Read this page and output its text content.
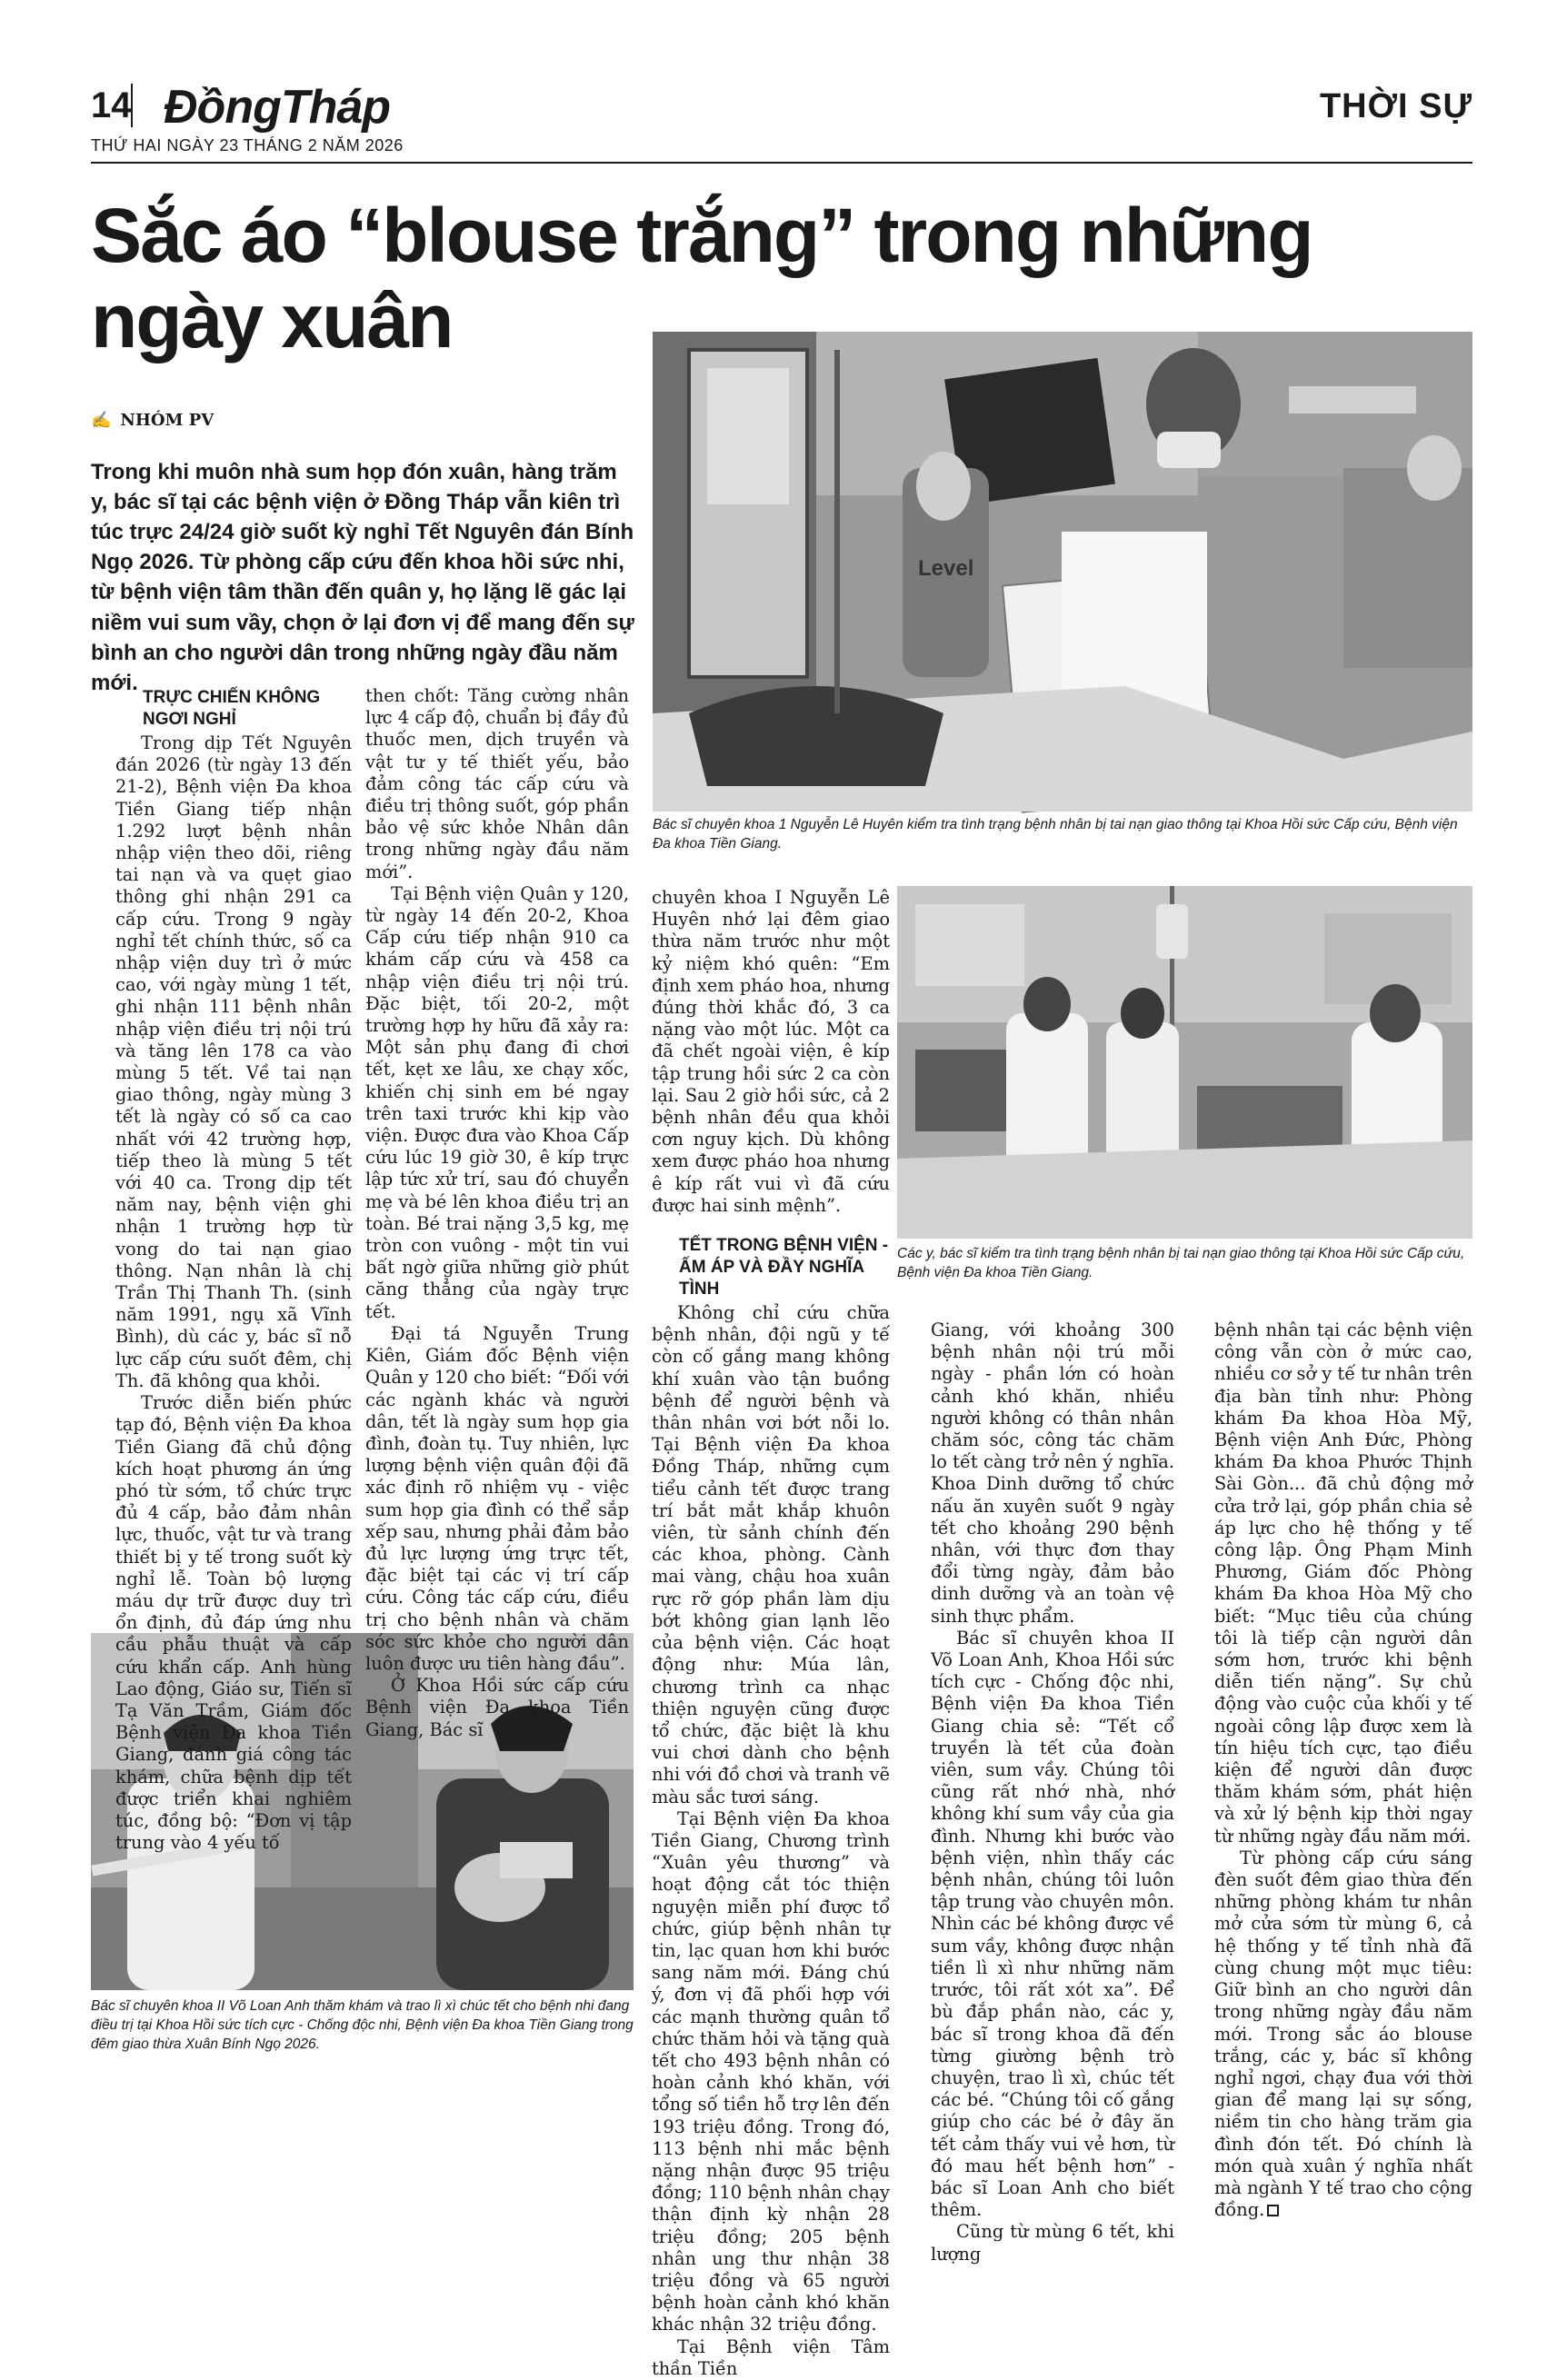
14 ĐồngTháp
THỨ HAI NGÀY 23 THÁNG 2 NĂM 2026
THỜI SỰ
Sắc áo “blouse trắng” trong những ngày xuân
✍ NHÓM PV
Trong khi muôn nhà sum họp đón xuân, hàng trăm y, bác sĩ tại các bệnh viện ở Đồng Tháp vẫn kiên trì túc trực 24/24 giờ suốt kỳ nghỉ Tết Nguyên đán Bính Ngọ 2026. Từ phòng cấp cứu đến khoa hồi sức nhi, từ bệnh viện tâm thần đến quân y, họ lặng lẽ gác lại niềm vui sum vầy, chọn ở lại đơn vị để mang đến sự bình an cho người dân trong những ngày đầu năm mới.
Level
Bác sĩ chuyên khoa 1 Nguyễn Lê Huyên kiểm tra tình trạng bệnh nhân bị tai nạn giao thông tại Khoa Hồi sức Cấp cứu, Bệnh viện Đa khoa Tiền Giang.
Các y, bác sĩ kiểm tra tình trạng bệnh nhân bị tai nạn giao thông tại Khoa Hồi sức Cấp cứu, Bệnh viện Đa khoa Tiền Giang.
Bác sĩ chuyên khoa II Võ Loan Anh thăm khám và trao lì xì chúc tết cho bệnh nhi đang điều trị tại Khoa Hồi sức tích cực - Chống độc nhi, Bệnh viện Đa khoa Tiền Giang trong đêm giao thừa Xuân Bính Ngọ 2026.
TRỰC CHIẾN KHÔNG NGƠI NGHỈ

Trong dịp Tết Nguyên đán 2026 (từ ngày 13 đến 21-2), Bệnh viện Đa khoa Tiền Giang tiếp nhận 1.292 lượt bệnh nhân nhập viện theo dõi, riêng tai nạn và va quẹt giao thông ghi nhận 291 ca cấp cứu. Trong 9 ngày nghỉ tết chính thức, số ca nhập viện duy trì ở mức cao, với ngày mùng 1 tết, ghi nhận 111 bệnh nhân nhập viện điều trị nội trú và tăng lên 178 ca vào mùng 5 tết. Về tai nạn giao thông, ngày mùng 3 tết là ngày có số ca cao nhất với 42 trường hợp, tiếp theo là mùng 5 tết với 40 ca. Trong dịp tết năm nay, bệnh viện ghi nhận 1 trường hợp từ vong do tai nạn giao thông. Nạn nhân là chị Trần Thị Thanh Th. (sinh năm 1991, ngụ xã Vĩnh Bình), dù các y, bác sĩ nỗ lực cấp cứu suốt đêm, chị Th. đã không qua khỏi.

Trước diễn biến phức tạp đó, Bệnh viện Đa khoa Tiền Giang đã chủ động kích hoạt phương án ứng phó từ sớm, tổ chức trực đủ 4 cấp, bảo đảm nhân lực, thuốc, vật tư và trang thiết bị y tế trong suốt kỳ nghỉ lễ. Toàn bộ lượng máu dự trữ được duy trì ổn định, đủ đáp ứng nhu cầu phẫu thuật và cấp cứu khẩn cấp. Anh hùng Lao động, Giáo sư, Tiến sĩ Tạ Văn Trầm, Giám đốc Bệnh viện Đa khoa Tiền Giang, đánh giá công tác khám, chữa bệnh dịp tết được triển khai nghiêm túc, đồng bộ: “Đơn vị tập trung vào 4 yếu tố

then chốt: Tăng cường nhân lực 4 cấp độ, chuẩn bị đầy đủ thuốc men, dịch truyền và vật tư y tế thiết yếu, bảo đảm công tác cấp cứu và điều trị thông suốt, góp phần bảo vệ sức khỏe Nhân dân trong những ngày đầu năm mới”.

Tại Bệnh viện Quân y 120, từ ngày 14 đến 20-2, Khoa Cấp cứu tiếp nhận 910 ca khám cấp cứu và 458 ca nhập viện điều trị nội trú. Đặc biệt, tối 20-2, một trường hợp hy hữu đã xảy ra: Một sản phụ đang đi chơi tết, kẹt xe lâu, xe chạy xốc, khiến chị sinh em bé ngay trên taxi trước khi kịp vào viện. Được đưa vào Khoa Cấp cứu lúc 19 giờ 30, ê kíp trực lập tức xử trí, sau đó chuyển mẹ và bé lên khoa điều trị an toàn. Bé trai nặng 3,5 kg, mẹ tròn con vuông - một tin vui bất ngờ giữa những giờ phút căng thẳng của ngày trực tết.

Đại tá Nguyễn Trung Kiên, Giám đốc Bệnh viện Quân y 120 cho biết: “Đối với các ngành khác và người dân, tết là ngày sum họp gia đình, đoàn tụ. Tuy nhiên, lực lượng bệnh viện quân đội đã xác định rõ nhiệm vụ - việc sum họp gia đình có thể sắp xếp sau, nhưng phải đảm bảo đủ lực lượng ứng trực tết, đặc biệt tại các vị trí cấp cứu. Công tác cấp cứu, điều trị cho bệnh nhân và chăm sóc sức khỏe cho người dân luôn được ưu tiên hàng đầu”.

Ở Khoa Hồi sức cấp cứu Bệnh viện Đa khoa Tiền Giang, Bác sĩ

chuyên khoa I Nguyễn Lê Huyên nhớ lại đêm giao thừa năm trước như một kỷ niệm khó quên: “Em định xem pháo hoa, nhưng đúng thời khắc đó, 3 ca nặng vào một lúc. Một ca đã chết ngoài viện, ê kíp tập trung hồi sức 2 ca còn lại. Sau 2 giờ hồi sức, cả 2 bệnh nhân đều qua khỏi cơn nguy kịch. Dù không xem được pháo hoa nhưng ê kíp rất vui vì đã cứu được hai sinh mệnh”.

TẾT TRONG BỆNH VIỆN - ẤM ÁP VÀ ĐẦY NGHĨA TÌNH

Không chỉ cứu chữa bệnh nhân, đội ngũ y tế còn cố gắng mang không khí xuân vào tận buồng bệnh để người bệnh và thân nhân vơi bớt nỗi lo. Tại Bệnh viện Đa khoa Đồng Tháp, những cụm tiểu cảnh tết được trang trí bắt mắt khắp khuôn viên, từ sảnh chính đến các khoa, phòng. Cành mai vàng, chậu hoa xuân rực rỡ góp phần làm dịu bớt không gian lạnh lẽo của bệnh viện. Các hoạt động như: Múa lân, chương trình ca nhạc thiện nguyện cũng được tổ chức, đặc biệt là khu vui chơi dành cho bệnh nhi với đồ chơi và tranh vẽ màu sắc tươi sáng.

Tại Bệnh viện Đa khoa Tiền Giang, Chương trình “Xuân yêu thương” và hoạt động cắt tóc thiện nguyện miễn phí được tổ chức, giúp bệnh nhân tự tin, lạc quan hơn khi bước sang năm mới. Đáng chú ý, đơn vị đã phối hợp với các mạnh thường quân tổ chức thăm hỏi và tặng quà tết cho 493 bệnh nhân có hoàn cảnh khó khăn, với tổng số tiền hỗ trợ lên đến 193 triệu đồng. Trong đó, 113 bệnh nhi mắc bệnh nặng nhận được 95 triệu đồng; 110 bệnh nhân chạy thận định kỳ nhận 28 triệu đồng; 205 bệnh nhân ung thư nhận 38 triệu đồng và 65 người bệnh hoàn cảnh khó khăn khác nhận 32 triệu đồng.

Tại Bệnh viện Tâm thần Tiền

Giang, với khoảng 300 bệnh nhân nội trú mỗi ngày - phần lớn có hoàn cảnh khó khăn, nhiều người không có thân nhân chăm sóc, công tác chăm lo tết càng trở nên ý nghĩa. Khoa Dinh dưỡng tổ chức nấu ăn xuyên suốt 9 ngày tết cho khoảng 290 bệnh nhân, với thực đơn thay đổi từng ngày, đảm bảo dinh dưỡng và an toàn vệ sinh thực phẩm.

Bác sĩ chuyên khoa II Võ Loan Anh, Khoa Hồi sức tích cực - Chống độc nhi, Bệnh viện Đa khoa Tiền Giang chia sẻ: “Tết cổ truyền là tết của đoàn viên, sum vầy. Chúng tôi cũng rất nhớ nhà, nhớ không khí sum vầy của gia đình. Nhưng khi bước vào bệnh viện, nhìn thấy các bệnh nhân, chúng tôi luôn tập trung vào chuyên môn. Nhìn các bé không được về sum vầy, không được nhận tiền lì xì như những năm trước, tôi rất xót xa”. Để bù đắp phần nào, các y, bác sĩ trong khoa đã đến từng giường bệnh trò chuyện, trao lì xì, chúc tết các bé. “Chúng tôi cố gắng giúp cho các bé ở đây ăn tết cảm thấy vui vẻ hơn, từ đó mau hết bệnh hơn” - bác sĩ Loan Anh cho biết thêm.

Cũng từ mùng 6 tết, khi lượng

bệnh nhân tại các bệnh viện công vẫn còn ở mức cao, nhiều cơ sở y tế tư nhân trên địa bàn tỉnh như: Phòng khám Đa khoa Hòa Mỹ, Bệnh viện Anh Đức, Phòng khám Đa khoa Phước Thịnh Sài Gòn... đã chủ động mở cửa trở lại, góp phần chia sẻ áp lực cho hệ thống y tế công lập. Ông Phạm Minh Phương, Giám đốc Phòng khám Đa khoa Hòa Mỹ cho biết: “Mục tiêu của chúng tôi là tiếp cận người dân sớm hơn, trước khi bệnh diễn tiến nặng”. Sự chủ động vào cuộc của khối y tế ngoài công lập được xem là tín hiệu tích cực, tạo điều kiện để người dân được thăm khám sớm, phát hiện và xử lý bệnh kịp thời ngay từ những ngày đầu năm mới.

Từ phòng cấp cứu sáng đèn suốt đêm giao thừa đến những phòng khám tư nhân mở cửa sớm từ mùng 6, cả hệ thống y tế tỉnh nhà đã cùng chung một mục tiêu: Giữ bình an cho người dân trong những ngày đầu năm mới. Trong sắc áo blouse trắng, các y, bác sĩ không nghỉ ngơi, chạy đua với thời gian để mang lại sự sống, niềm tin cho hàng trăm gia đình đón tết. Đó chính là món quà xuân ý nghĩa nhất mà ngành Y tế trao cho cộng đồng.
